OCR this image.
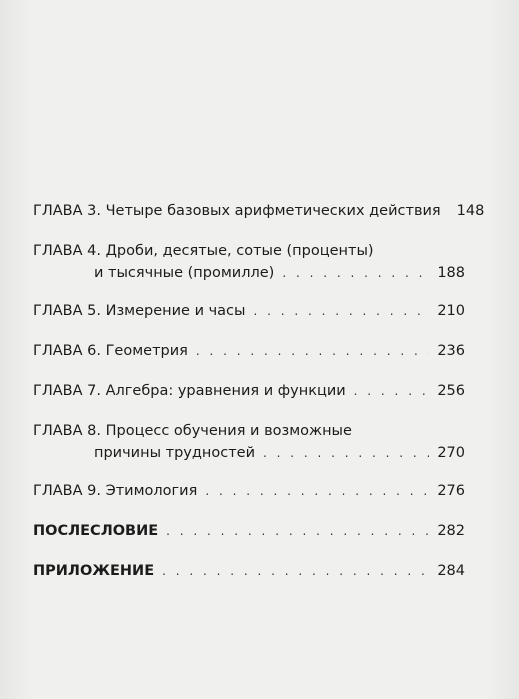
ГЛАВА 3.
Четыре базовых арифметических действия 148
ГЛАВА 4.
Дроби, десятые, сотые (проценты)
и тысячные (промилле) . . .	188
ГЛАВА 5.
Измерение и часы . . .	210
ГЛАВА 6.
Геометрия . . .	236
ГЛАВА 7.
Алгебра: уравнения и функции . . .	256
ГЛАВА 8.
Процесс обучения и возможные
причины трудностей . . .	270
ГЛАВА 9.
Этимология . . .	276
ПОСЛЕСЛОВИЕ . . .	282
ПРИЛОЖЕНИЕ . . .	284
